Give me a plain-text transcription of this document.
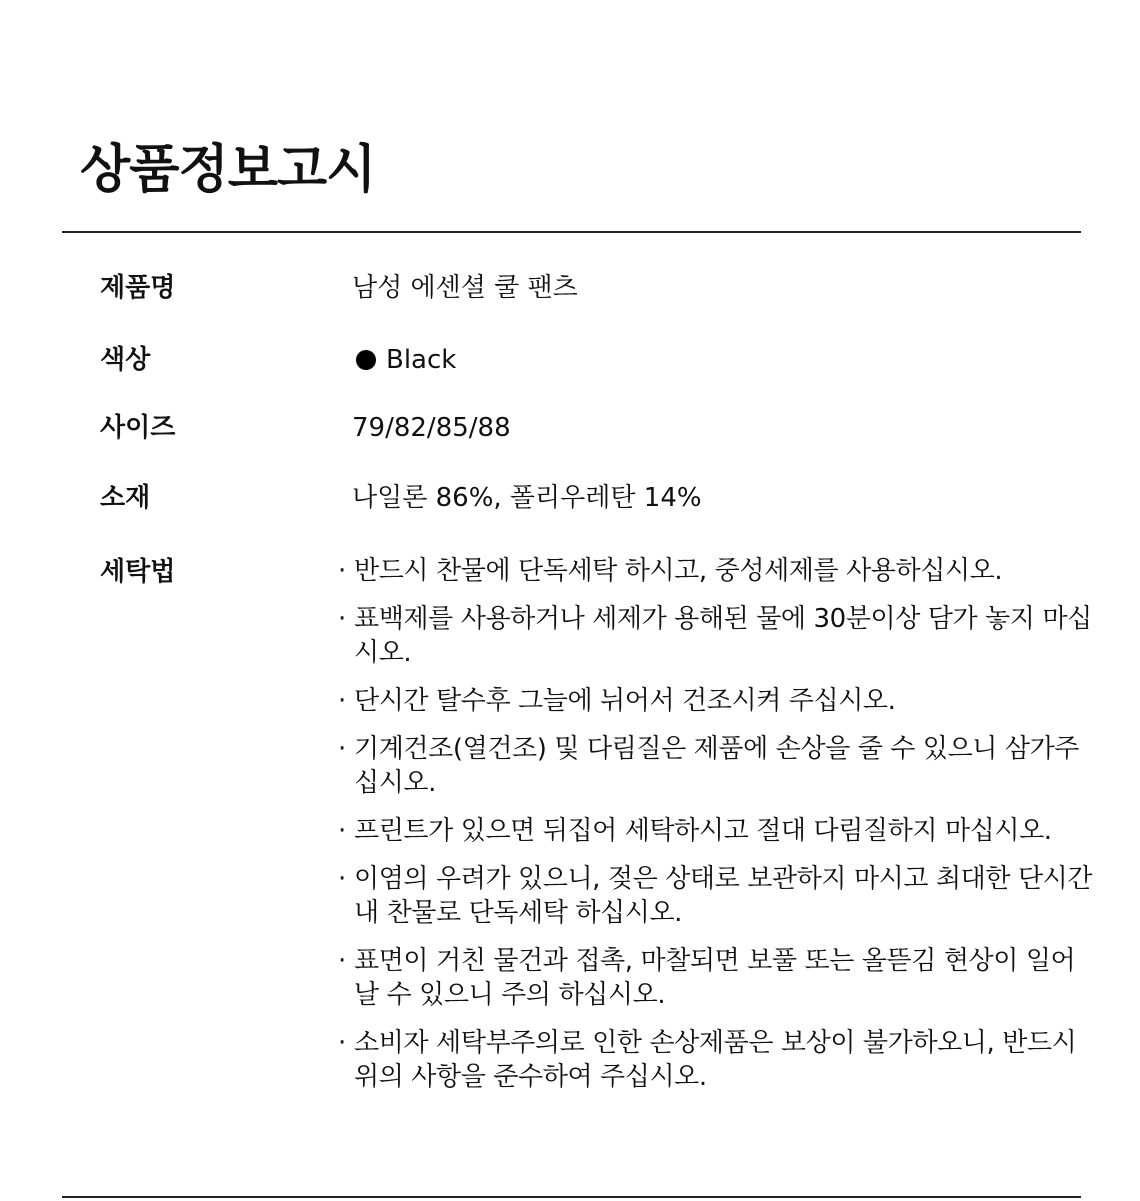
상품정보고시
제품명	남성 에센셜 쿨 팬츠
색상	Black
사이즈	79/82/85/88
소재	나일론 86%, 폴리우레탄 14%
세탁법	· 반드시 찬물에 단독세탁 하시고, 중성세제를 사용하십시오.
· 표백제를 사용하거나 세제가 용해된 물에 30분이상 담가 놓지 마십시오.
· 단시간 탈수후 그늘에 뉘어서 건조시켜 주십시오.
· 기계건조(열건조) 및 다림질은 제품에 손상을 줄 수 있으니 삼가주십시오.
· 프린트가 있으면 뒤집어 세탁하시고 절대 다림질하지 마십시오.
· 이염의 우려가 있으니, 젖은 상태로 보관하지 마시고 최대한 단시간내 찬물로 단독세탁 하십시오.
· 표면이 거친 물건과 접촉, 마찰되면 보풀 또는 올뜯김 현상이 일어날 수 있으니 주의 하십시오.
· 소비자 세탁부주의로 인한 손상제품은 보상이 불가하오니, 반드시 위의 사항을 준수하여 주십시오.
